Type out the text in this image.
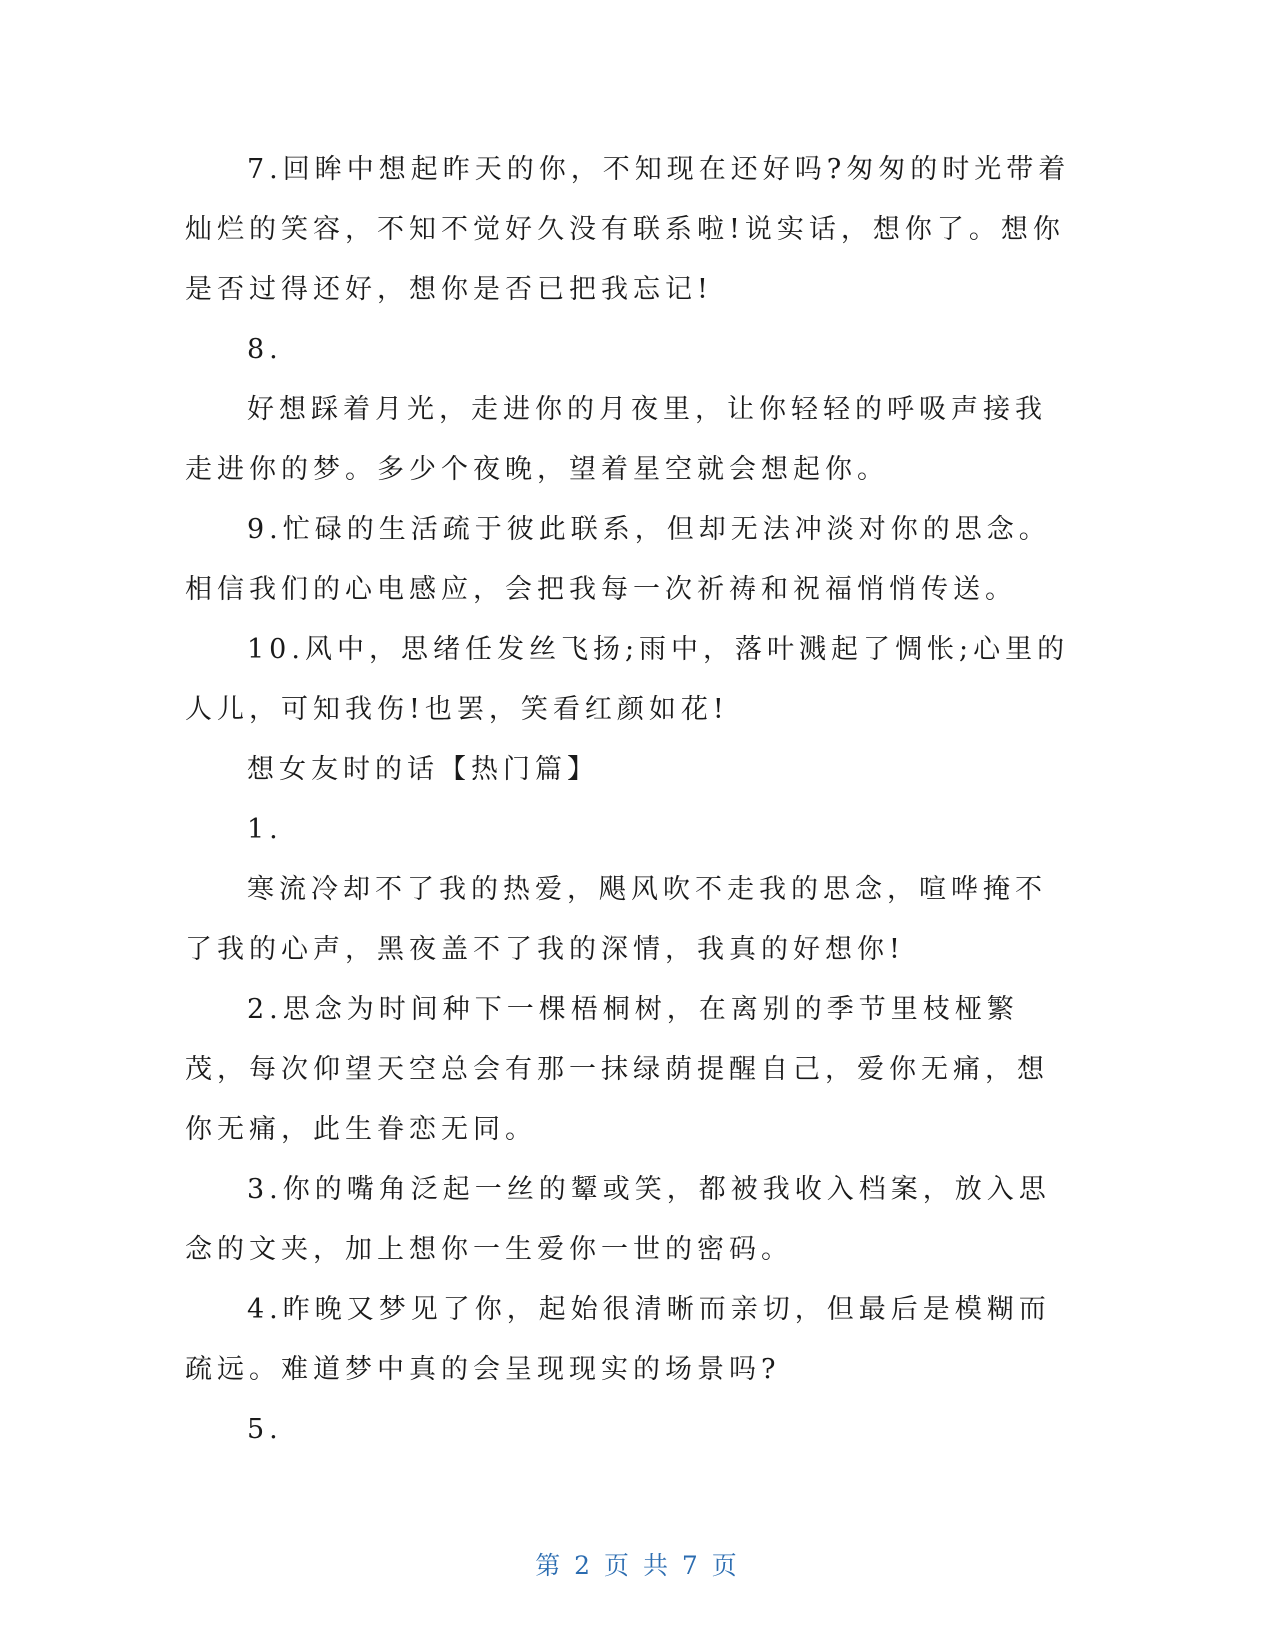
7.回眸中想起昨天的你，不知现在还好吗?匆匆的时光带着灿烂的笑容，不知不觉好久没有联系啦!说实话，想你了。想你是否过得还好，想你是否已把我忘记!

8.

好想踩着月光，走进你的月夜里，让你轻轻的呼吸声接我走进你的梦。多少个夜晚，望着星空就会想起你。

9.忙碌的生活疏于彼此联系，但却无法冲淡对你的思念。相信我们的心电感应，会把我每一次祈祷和祝福悄悄传送。

10.风中，思绪任发丝飞扬;雨中，落叶溅起了惆怅;心里的人儿，可知我伤!也罢，笑看红颜如花!

想女友时的话【热门篇】

1.

寒流冷却不了我的热爱，飓风吹不走我的思念，喧哗掩不了我的心声，黑夜盖不了我的深情，我真的好想你!

2.思念为时间种下一棵梧桐树，在离别的季节里枝桠繁茂，每次仰望天空总会有那一抹绿荫提醒自己，爱你无痛，想你无痛，此生眷恋无同。

3.你的嘴角泛起一丝的颦或笑，都被我收入档案，放入思念的文夹，加上想你一生爱你一世的密码。

4.昨晚又梦见了你，起始很清晰而亲切，但最后是模糊而疏远。难道梦中真的会呈现现实的场景吗?

5.

第 2 页 共 7 页
